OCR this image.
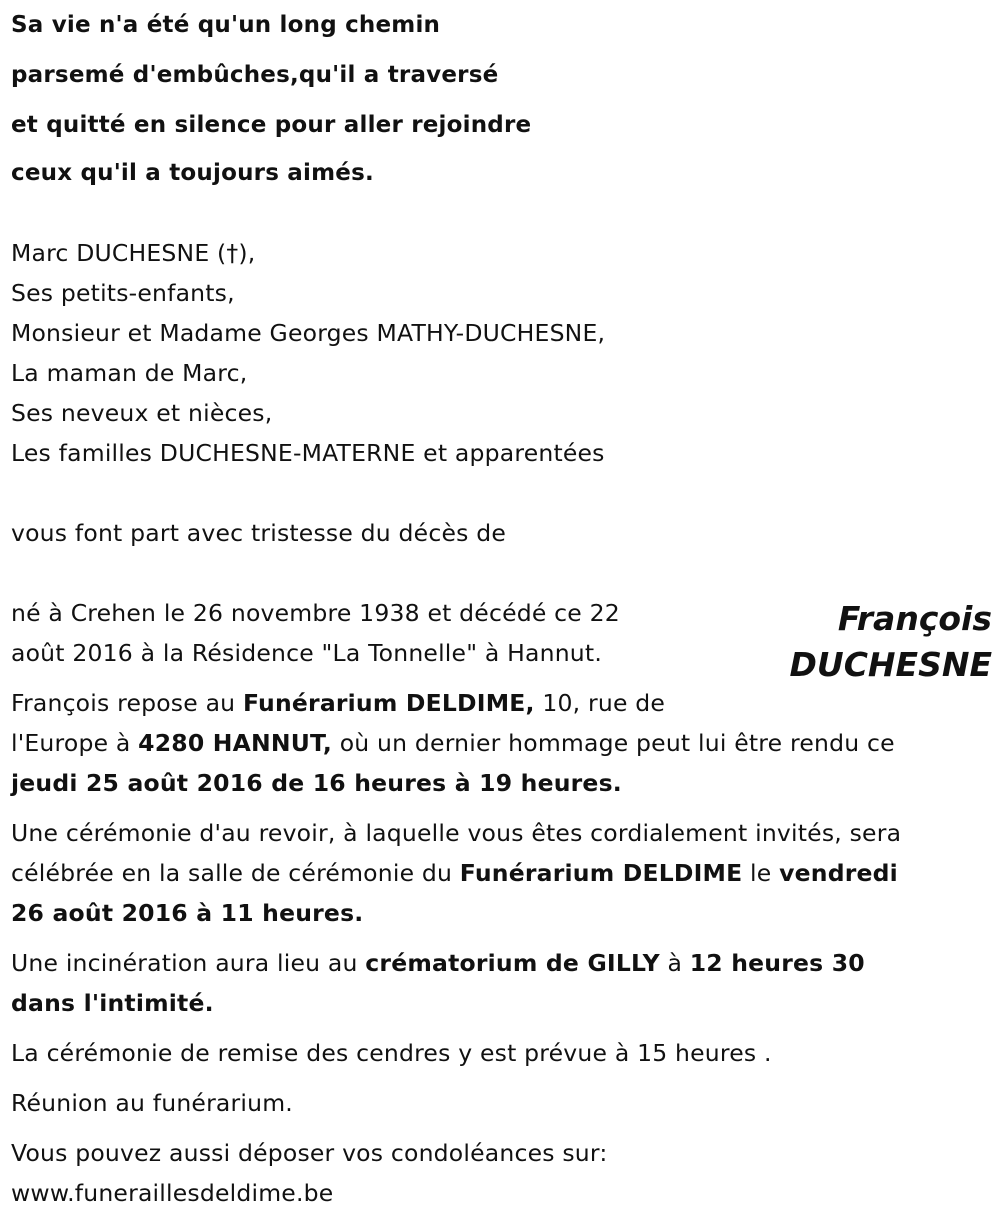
Sa vie n'a été qu'un long chemin
parsemé d'embûches,qu'il a traversé
et quitté en silence pour aller rejoindre
ceux qu'il a toujours aimés.
Marc DUCHESNE (†),
Ses petits-enfants,
Monsieur et Madame Georges MATHY-DUCHESNE,
La maman de Marc,
Ses neveux et nièces,
Les familles DUCHESNE-MATERNE et apparentées
vous font part avec tristesse du décès de
François
DUCHESNE
né à Crehen le 26 novembre 1938 et décédé ce 22
août 2016 à la Résidence "La Tonnelle" à Hannut.
François repose au Funérarium DELDIME, 10, rue de
l'Europe à 4280 HANNUT, où un dernier hommage peut lui être rendu ce
jeudi 25 août 2016 de 16 heures à 19 heures.
Une cérémonie d'au revoir, à laquelle vous êtes cordialement invités, sera
célébrée en la salle de cérémonie du Funérarium DELDIME le vendredi
26 août 2016 à 11 heures.
Une incinération aura lieu au crématorium de GILLY à 12 heures 30
dans l'intimité.
La cérémonie de remise des cendres y est prévue à 15 heures .
Réunion au funérarium.
Vous pouvez aussi déposer vos condoléances sur:
www.funeraillesdeldime.be
